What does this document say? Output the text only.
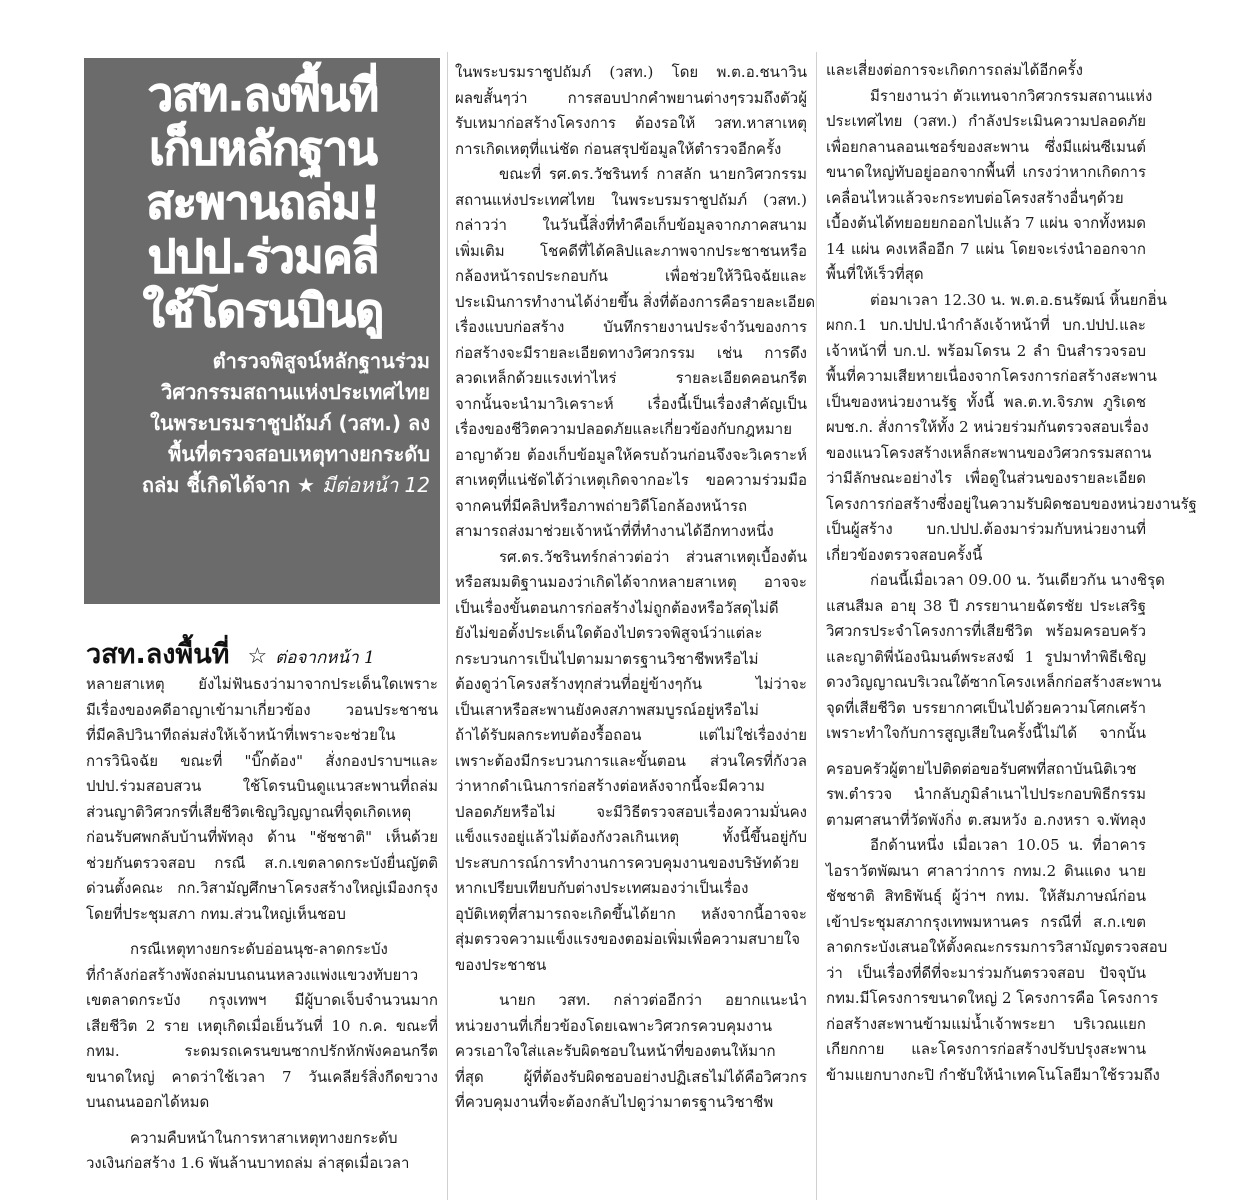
วสท.ลงพื้นที่
เก็บหลักฐาน
สะพานถล่ม!
ปปป.ร่วมคลี่
ใช้โดรนบินดู
ตำรวจพิสูจน์หลักฐานร่วม
วิศวกรรมสถานแห่งประเทศไทย
ในพระบรมราชูปถัมภ์ (วสท.) ลง
พื้นที่ตรวจสอบเหตุทางยกระดับ
ถล่ม ชี้เกิดได้จาก ★ มีต่อหน้า 12
วสท.ลงพื้นที่ ☆ ต่อจากหน้า 1

หลายสาเหตุ ยังไม่ฟันธงว่ามาจากประเด็นใดเพราะ

มีเรื่องของคดีอาญาเข้ามาเกี่ยวข้อง วอนประชาชน

ที่มีคลิปวินาทีถล่มส่งให้เจ้าหน้าที่เพราะจะช่วยใน

การวินิจฉัย ขณะที่ "บิ๊กต้อง" สั่งกองปราบฯและ

ปปป.ร่วมสอบสวน ใช้โดรนบินดูแนวสะพานที่ถล่ม

ส่วนญาติวิศวกรที่เสียชีวิตเชิญวิญญาณที่จุดเกิดเหตุ

ก่อนรับศพกลับบ้านที่พัทลุง ด้าน "ชัชชาติ" เห็นด้วย

ช่วยกันตรวจสอบ กรณี ส.ก.เขตลาดกระบังยื่นญัตติ

ด่วนตั้งคณะ กก.วิสามัญศึกษาโครงสร้างใหญ่เมืองกรุง

โดยที่ประชุมสภา กทม.ส่วนใหญ่เห็นชอบ

กรณีเหตุทางยกระดับอ่อนนุช-ลาดกระบัง

ที่กำลังก่อสร้างพังถล่มบนถนนหลวงแพ่งแขวงทับยาว

เขตลาดกระบัง กรุงเทพฯ มีผู้บาดเจ็บจำนวนมาก

เสียชีวิต 2 ราย เหตุเกิดเมื่อเย็นวันที่ 10 ก.ค. ขณะที่

กทม. ระดมรถเครนขนซากปรักหักพังคอนกรีต

ขนาดใหญ่ คาดว่าใช้เวลา 7 วันเคลียร์สิ่งกีดขวาง

บนถนนออกได้หมด

ความคืบหน้าในการหาสาเหตุทางยกระดับ

วงเงินก่อสร้าง 1.6 พันล้านบาทถล่ม ล่าสุดเมื่อเวลา

ในพระบรมราชูปถัมภ์ (วสท.) โดย พ.ต.อ.ชนาวิน

ผลขสั้นๆว่า การสอบปากคำพยานต่างๆรวมถึงตัวผู้

รับเหมาก่อสร้างโครงการ ต้องรอให้ วสท.หาสาเหตุ

การเกิดเหตุที่แน่ชัด ก่อนสรุปข้อมูลให้ตำรวจอีกครั้ง

ขณะที่ รศ.ดร.วัชรินทร์ กาสลัก นายกวิศวกรรม

สถานแห่งประเทศไทย ในพระบรมราชูปถัมภ์ (วสท.)

กล่าวว่า ในวันนี้สิ่งที่ทำคือเก็บข้อมูลจากภาคสนาม

เพิ่มเติม โชคดีที่ได้คลิปและภาพจากประชาชนหรือ

กล้องหน้ารถประกอบกัน เพื่อช่วยให้วินิจฉัยและ

ประเมินการทำงานได้ง่ายขึ้น สิ่งที่ต้องการคือรายละเอียด

เรื่องแบบก่อสร้าง บันทึกรายงานประจำวันของการ

ก่อสร้างจะมีรายละเอียดทางวิศวกรรม เช่น การดึง

ลวดเหล็กด้วยแรงเท่าไหร่ รายละเอียดคอนกรีต

จากนั้นจะนำมาวิเคราะห์ เรื่องนี้เป็นเรื่องสำคัญเป็น

เรื่องของชีวิตความปลอดภัยและเกี่ยวข้องกับกฎหมาย

อาญาด้วย ต้องเก็บข้อมูลให้ครบถ้วนก่อนจึงจะวิเคราะห์

สาเหตุที่แน่ชัดได้ว่าเหตุเกิดจากอะไร ขอความร่วมมือ

จากคนที่มีคลิปหรือภาพถ่ายวิดีโอกล้องหน้ารถ

สามารถส่งมาช่วยเจ้าหน้าที่ที่ทำงานได้อีกทางหนึ่ง

รศ.ดร.วัชรินทร์กล่าวต่อว่า ส่วนสาเหตุเบื้องต้น

หรือสมมติฐานมองว่าเกิดได้จากหลายสาเหตุ อาจจะ

เป็นเรื่องขั้นตอนการก่อสร้างไม่ถูกต้องหรือวัสดุไม่ดี

ยังไม่ขอตั้งประเด็นใดต้องไปตรวจพิสูจน์ว่าแต่ละ

กระบวนการเป็นไปตามมาตรฐานวิชาชีพหรือไม่

ต้องดูว่าโครงสร้างทุกส่วนที่อยู่ข้างๆกัน ไม่ว่าจะ

เป็นเสาหรือสะพานยังคงสภาพสมบูรณ์อยู่หรือไม่

ถ้าได้รับผลกระทบต้องรื้อถอน แต่ไม่ใช่เรื่องง่าย

เพราะต้องมีกระบวนการและขั้นตอน ส่วนใครที่กังวล

ว่าหากดำเนินการก่อสร้างต่อหลังจากนี้จะมีความ

ปลอดภัยหรือไม่ จะมีวิธีตรวจสอบเรื่องความมั่นคง

แข็งแรงอยู่แล้วไม่ต้องกังวลเกินเหตุ ทั้งนี้ขึ้นอยู่กับ

ประสบการณ์การทำงานการควบคุมงานของบริษัทด้วย

หากเปรียบเทียบกับต่างประเทศมองว่าเป็นเรื่อง

อุบัติเหตุที่สามารถจะเกิดขึ้นได้ยาก หลังจากนี้อาจจะ

สุ่มตรวจความแข็งแรงของตอม่อเพิ่มเพื่อความสบายใจ

ของประชาชน

นายก วสท. กล่าวต่ออีกว่า อยากแนะนำ

หน่วยงานที่เกี่ยวข้องโดยเฉพาะวิศวกรควบคุมงาน

ควรเอาใจใส่และรับผิดชอบในหน้าที่ของตนให้มาก

ที่สุด ผู้ที่ต้องรับผิดชอบอย่างปฏิเสธไม่ได้คือวิศวกร

ที่ควบคุมงานที่จะต้องกลับไปดูว่ามาตรฐานวิชาชีพ

และเสี่ยงต่อการจะเกิดการถล่มได้อีกครั้ง

มีรายงานว่า ตัวแทนจากวิศวกรรมสถานแห่ง

ประเทศไทย (วสท.) กำลังประเมินความปลอดภัย

เพื่อยกลานลอนเชอร์ของสะพาน ซึ่งมีแผ่นซีเมนต์

ขนาดใหญ่ทับอยู่ออกจากพื้นที่ เกรงว่าหากเกิดการ

เคลื่อนไหวแล้วจะกระทบต่อโครงสร้างอื่นๆด้วย

เบื้องต้นได้ทยอยยกออกไปแล้ว 7 แผ่น จากทั้งหมด

14 แผ่น คงเหลืออีก 7 แผ่น โดยจะเร่งนำออกจาก

พื้นที่ให้เร็วที่สุด

ต่อมาเวลา 12.30 น. พ.ต.อ.ธนรัฒน์ หิ้นยกฮิ่น

ผกก.1 บก.ปปป.นำกำลังเจ้าหน้าที่ บก.ปปป.และ

เจ้าหน้าที่ บก.ป. พร้อมโดรน 2 ลำ บินสำรวจรอบ

พื้นที่ความเสียหายเนื่องจากโครงการก่อสร้างสะพาน

เป็นของหน่วยงานรัฐ ทั้งนี้ พล.ต.ท.จิรภพ ภูริเดช

ผบช.ก. สั่งการให้ทั้ง 2 หน่วยร่วมกันตรวจสอบเรื่อง

ของแนวโครงสร้างเหล็กสะพานของวิศวกรรมสถาน

ว่ามีลักษณะอย่างไร เพื่อดูในส่วนของรายละเอียด

โครงการก่อสร้างซึ่งอยู่ในความรับผิดชอบของหน่วยงานรัฐ

เป็นผู้สร้าง บก.ปปป.ต้องมาร่วมกับหน่วยงานที่

เกี่ยวข้องตรวจสอบครั้งนี้

ก่อนนี้เมื่อเวลา 09.00 น. วันเดียวกัน นางชิรุด

แสนสีมล อายุ 38 ปี ภรรยานายฉัตรชัย ประเสริฐ

วิศวกรประจำโครงการที่เสียชีวิต พร้อมครอบครัว

และญาติพี่น้องนิมนต์พระสงฆ์ 1 รูปมาทำพิธีเชิญ

ดวงวิญญาณบริเวณใต้ซากโครงเหล็กก่อสร้างสะพาน

จุดที่เสียชีวิต บรรยากาศเป็นไปด้วยความโศกเศร้า

เพราะทำใจกับการสูญเสียในครั้งนี้ไม่ได้ จากนั้น

ครอบครัวผู้ตายไปติดต่อขอรับศพที่สถาบันนิติเวช

รพ.ตำรวจ นำกลับภูมิลำเนาไปประกอบพิธีกรรม

ตามศาสนาที่วัดพังกิ่ง ต.สมหวัง อ.กงหรา จ.พัทลุง

อีกด้านหนึ่ง เมื่อเวลา 10.05 น. ที่อาคาร

ไอราวัตพัฒนา ศาลาว่าการ กทม.2 ดินแดง นาย

ชัชชาติ สิทธิพันธุ์ ผู้ว่าฯ กทม. ให้สัมภาษณ์ก่อน

เข้าประชุมสภากรุงเทพมหานคร กรณีที่ ส.ก.เขต

ลาดกระบังเสนอให้ตั้งคณะกรรมการวิสามัญตรวจสอบ

ว่า เป็นเรื่องที่ดีที่จะมาร่วมกันตรวจสอบ ปัจจุบัน

กทม.มีโครงการขนาดใหญ่ 2 โครงการคือ โครงการ

ก่อสร้างสะพานข้ามแม่น้ำเจ้าพระยา บริเวณแยก

เกียกกาย และโครงการก่อสร้างปรับปรุงสะพาน

ข้ามแยกบางกะปิ กำชับให้นำเทคโนโลยีมาใช้รวมถึง
